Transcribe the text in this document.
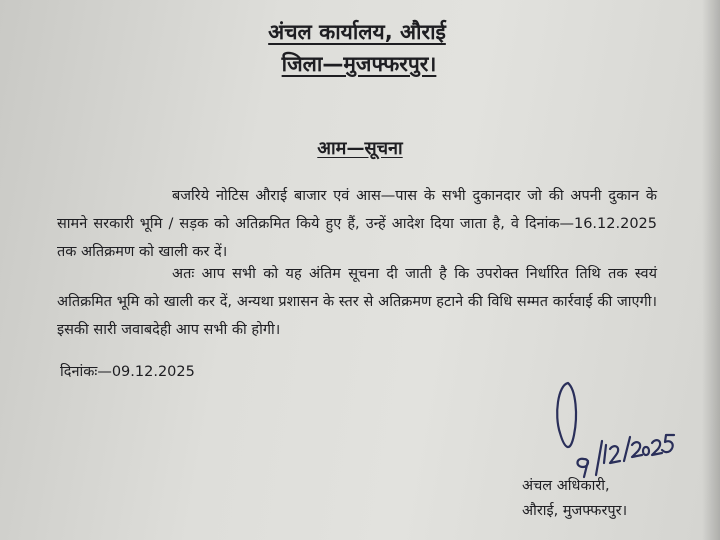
अंचल कार्यालय, औराई
जिला—मुजफ्फरपुर।
आम—सूचना
बजरिये नोटिस औराई बाजार एवं आस—पास के सभी दुकानदार जो की अपनी दुकान के सामने सरकारी भूमि / सड़क को अतिक्रमित किये हुए हैं, उन्हें आदेश दिया जाता है, वे दिनांक—16.12.2025 तक अतिक्रमण को खाली कर दें।
अतः आप सभी को यह अंतिम सूचना दी जाती है कि उपरोक्त निर्धारित तिथि तक स्वयं अतिक्रमित भूमि को खाली कर दें, अन्यथा प्रशासन के स्तर से अतिक्रमण हटाने की विधि सम्मत कार्रवाई की जाएगी। इसकी सारी जवाबदेही आप सभी की होगी।
दिनांकः—09.12.2025
अंचल अधिकारी,
औराई, मुजफ्फरपुर।
